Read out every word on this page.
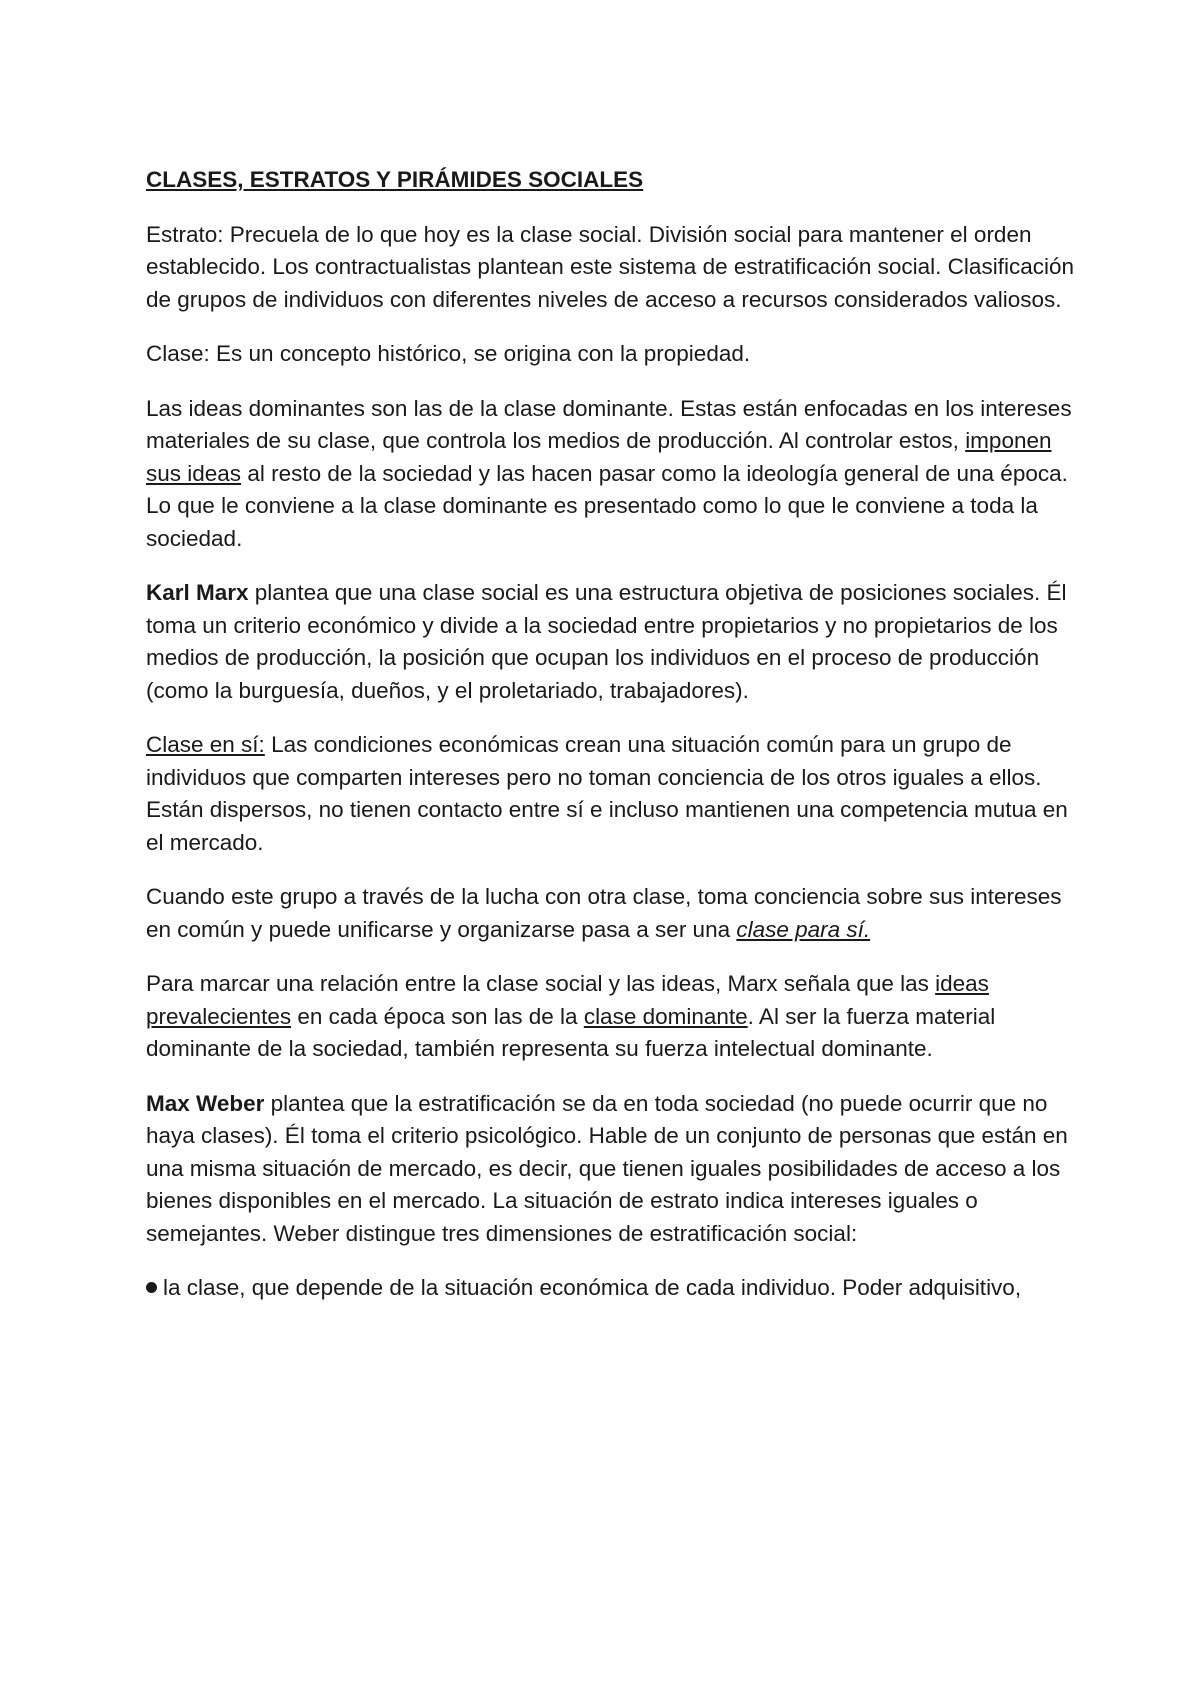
CLASES, ESTRATOS Y PIRÁMIDES SOCIALES

Estrato: Precuela de lo que hoy es la clase social. División social para mantener el orden establecido. Los contractualistas plantean este sistema de estratificación social. Clasificación de grupos de individuos con diferentes niveles de acceso a recursos considerados valiosos.

Clase: Es un concepto histórico, se origina con la propiedad.

Las ideas dominantes son las de la clase dominante. Estas están enfocadas en los intereses materiales de su clase, que controla los medios de producción. Al controlar estos, imponen sus ideas al resto de la sociedad y las hacen pasar como la ideología general de una época. Lo que le conviene a la clase dominante es presentado como lo que le conviene a toda la sociedad.

Karl Marx plantea que una clase social es una estructura objetiva de posiciones sociales. Él toma un criterio económico y divide a la sociedad entre propietarios y no propietarios de los medios de producción, la posición que ocupan los individuos en el proceso de producción (como la burguesía, dueños, y el proletariado, trabajadores).

Clase en sí: Las condiciones económicas crean una situación común para un grupo de individuos que comparten intereses pero no toman conciencia de los otros iguales a ellos. Están dispersos, no tienen contacto entre sí e incluso mantienen una competencia mutua en el mercado.

Cuando este grupo a través de la lucha con otra clase, toma conciencia sobre sus intereses en común y puede unificarse y organizarse pasa a ser una clase para sí.

Para marcar una relación entre la clase social y las ideas, Marx señala que las ideas prevalecientes en cada época son las de la clase dominante. Al ser la fuerza material dominante de la sociedad, también representa su fuerza intelectual dominante.

Max Weber plantea que la estratificación se da en toda sociedad (no puede ocurrir que no haya clases). Él toma el criterio psicológico. Hable de un conjunto de personas que están en una misma situación de mercado, es decir, que tienen iguales posibilidades de acceso a los bienes disponibles en el mercado. La situación de estrato indica intereses iguales o semejantes. Weber distingue tres dimensiones de estratificación social:

la clase, que depende de la situación económica de cada individuo. Poder adquisitivo,
